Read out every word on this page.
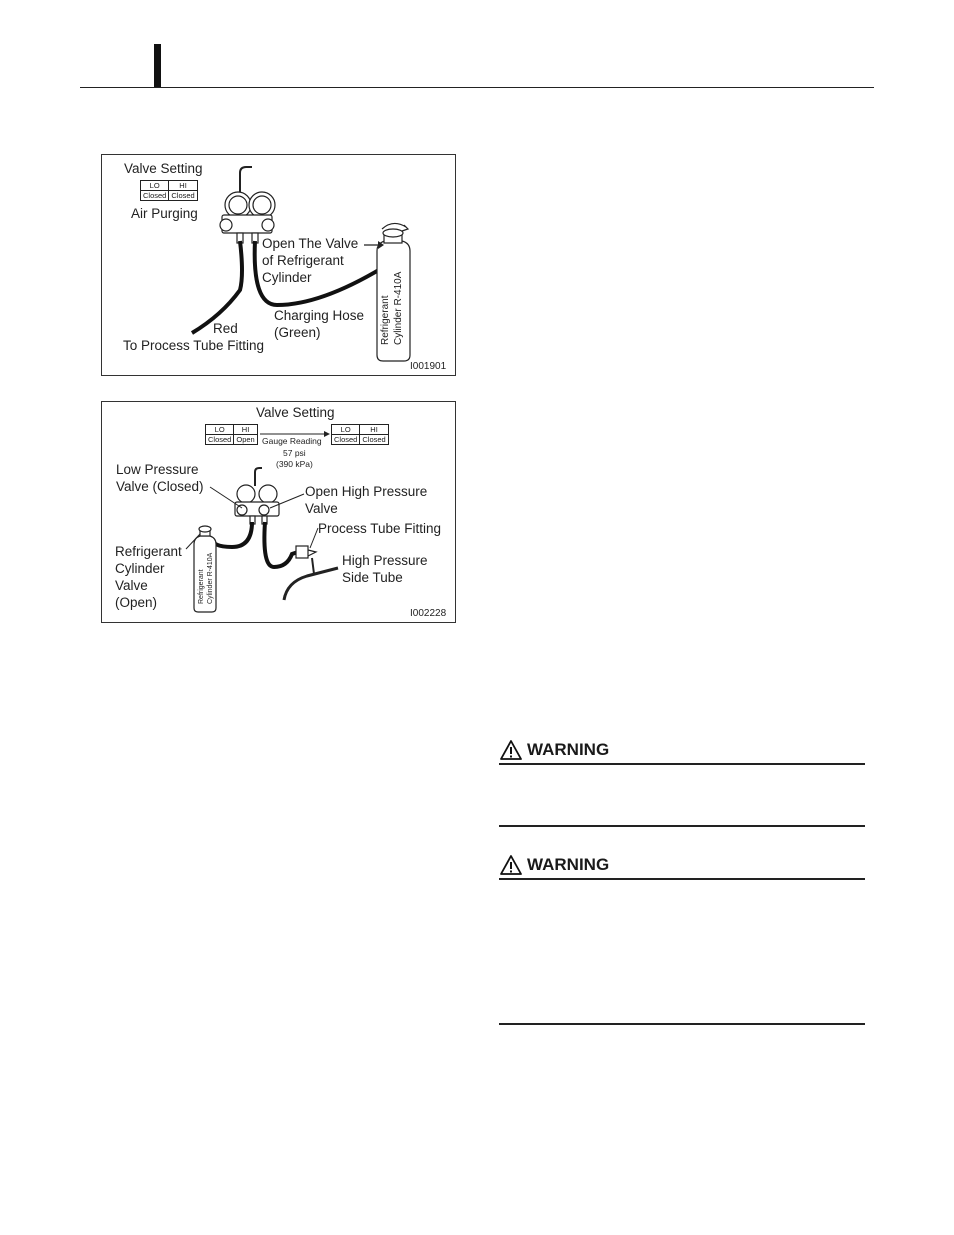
Valve Setting
LO	HI
Closed	Closed
Air Purging
Open The Valve
of Refrigerant
Cylinder
Charging Hose
(Green)
Red
To Process Tube Fitting
Refrigerant Cylinder R-410A
I001901
Valve Setting
LO	HI
Closed	Open
LO	HI
Closed	Closed
Gauge Reading
57 psi
(390 kPa)
Low Pressure
Valve (Closed)	Open High Pressure
Valve
Process Tube Fitting
High Pressure
Side Tube
Refrigerant
Cylinder
Valve
(Open)	Refrigerant Cylinder R-410A
I002228
WARNING
WARNING
